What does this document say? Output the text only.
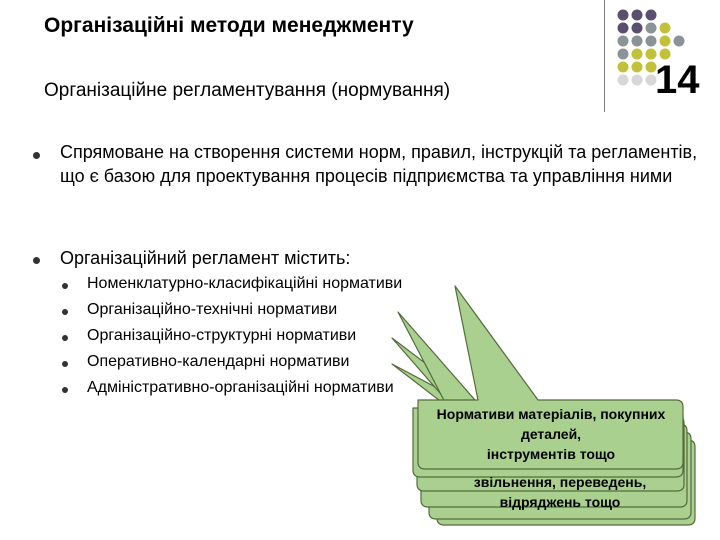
Організаційні методи менеджменту
Організаційне регламентування (нормування)	14
Спрямоване на створення системи норм, правил, інструкцій та регламентів, що є базою для проектування процесів підприємства та управління ними
Організаційний регламент містить:
Номенклатурно-класифікаційні нормативи
Організаційно-технічні нормативи
Організаційно-структурні нормативи
Оперативно-календарні нормативи
Адміністративно-організаційні нормативи
звільнення, переведень,
відряджень тощо
Нормативи матеріалів, покупних
деталей,
інструментів тощо
